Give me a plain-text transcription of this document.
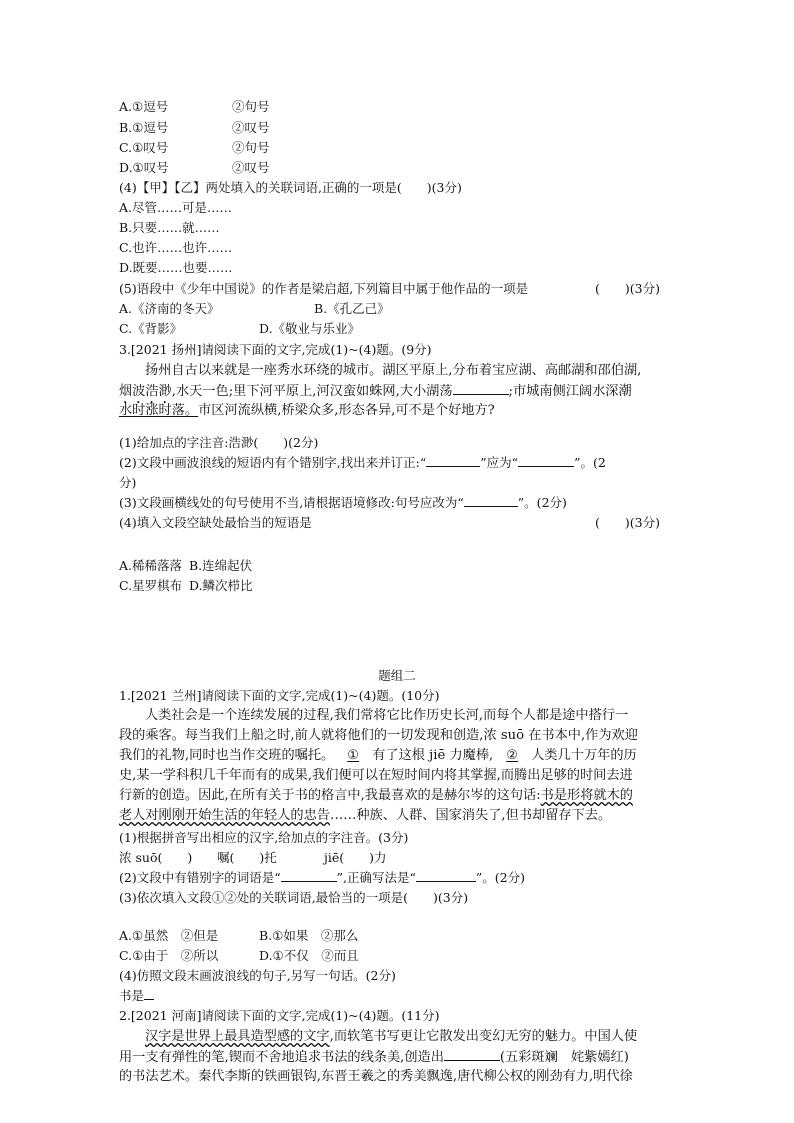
A.①逗号	②句号
B.①逗号	②叹号
C.①叹号	②句号
D.①叹号	②叹号
(4)【甲】【乙】两处填入的关联词语,正确的一项是(　　)(3分)
A.尽管……可是……
B.只要……就……
C.也许……也许……
D.既要……也要……
(5)语段中《少年中国说》的作者是梁启超,下列篇目中属于他作品的一项是	(　　)(3分)
A.《济南的冬天》	B.《孔乙己》
C.《背影》	D.《敬业与乐业》
3.[2021 扬州]请阅读下面的文字,完成(1)~(4)题。(9分)
扬州自古以来就是一座秀水环绕的城市。湖区平原上,分布着宝应湖、高邮湖和邵伯湖,
烟波浩渺,水天一色;里下河平原上,河汉蛮如蛛网,大小湖荡	;市城南侧江阔水深潮
水时涨时落。市区河流纵横,桥梁众多,形态各异,可不是个好地方?
(1)给加点的字注音:浩渺(　　)(2分)
(2)文段中画波浪线的短语内有个错别字,找出来并订正:“	”应为“	”。(2
分)
(3)文段画横线处的句号使用不当,请根据语境修改:句号应改为“	”。(2分)
(4)填入文段空缺处最恰当的短语是	(　　)(3分)
A.稀稀落落 B.连绵起伏
C.星罗棋布 D.鳞次栉比
题组二
1.[2021 兰州]请阅读下面的文字,完成(1)~(4)题。(10分)
人类社会是一个连续发展的过程,我们常将它比作历史长河,而每个人都是途中搭行一
段的乘客。每当我们上船之时,前人就将他们的一切发现和创造,浓 suō 在书本中,作为欢迎
我们的礼物,同时也当作交班的嘱托。 ① 有了这根 jiē 力魔棒, ② 人类几十万年的历
史,某一学科积几千年而有的成果,我们便可以在短时间内将其掌握,而腾出足够的时间去进
行新的创造。因此,在所有关于书的格言中,我最喜欢的是赫尔岑的这句话:书是形将就木的
老人对刚刚开始生活的年轻人的忠告……种族、人群、国家消失了,但书却留存下去。
(1)根据拼音写出相应的汉字,给加点的字注音。(3分)
浓 suō(　　) 嘱(　　)托	jiē(　　)力
(2)文段中有错别字的词语是“	”,正确写法是“	”。(2分)
(3)依次填入文段①②处的关联词语,最恰当的一项是(　　)(3分)
A.①虽然　②但是	B.①如果　②那么
C.①由于　②所以	D.①不仅　②而且
(4)仿照文段末画波浪线的句子,另写一句话。(2分)
书是
2.[2021 河南]请阅读下面的文字,完成(1)~(4)题。(11分)
汉字是世界上最具造型感的文字,而软笔书写更让它散发出变幻无穷的魅力。中国人使
用一支有弹性的笔,锲而不舍地追求书法的线条美,创造出	(五彩斑斓　姹紫嫣红)
的书法艺术。秦代李斯的铁画银钩,东晋王羲之的秀美飘逸,唐代柳公权的刚劲有力,明代徐
